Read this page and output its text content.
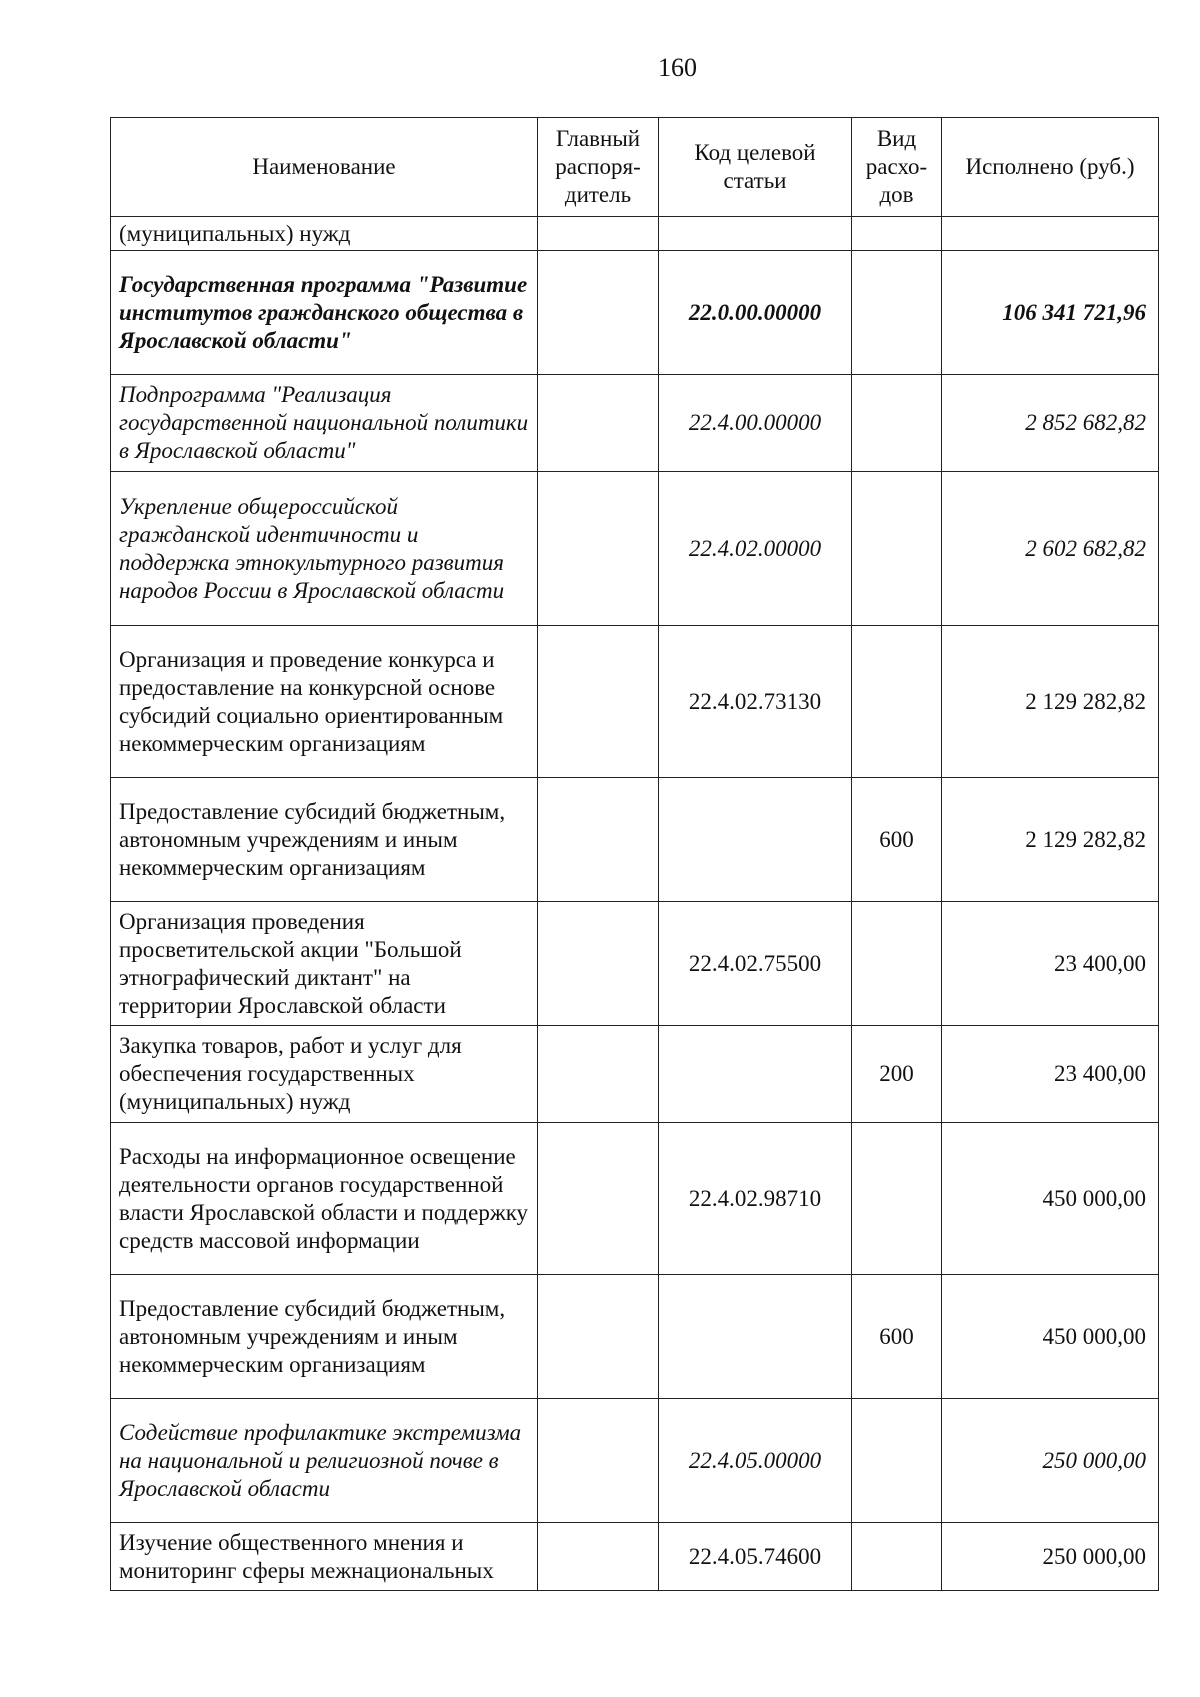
160
Наименование	Главный распоря-дитель	Код целевой статьи	Вид расхо-дов	Исполнено (руб.)
(муниципальных) нужд				
Государственная программа "Развитие институтов гражданского общества в Ярославской области"		22.0.00.00000		106 341 721,96
Подпрограмма "Реализация государственной национальной политики в Ярославской области"		22.4.00.00000		2 852 682,82
Укрепление общероссийской гражданской идентичности и поддержка этнокультурного развития народов России в Ярославской области		22.4.02.00000		2 602 682,82
Организация и проведение конкурса и предоставление на конкурсной основе субсидий социально ориентированным некоммерческим организациям		22.4.02.73130		2 129 282,82
Предоставление субсидий бюджетным, автономным учреждениям и иным некоммерческим организациям			600	2 129 282,82
Организация проведения просветительской акции "Большой этнографический диктант" на территории Ярославской области		22.4.02.75500		23 400,00
Закупка товаров, работ и услуг для обеспечения государственных (муниципальных) нужд			200	23 400,00
Расходы на информационное освещение деятельности органов государственной власти Ярославской области и поддержку средств массовой информации		22.4.02.98710		450 000,00
Предоставление субсидий бюджетным, автономным учреждениям и иным некоммерческим организациям			600	450 000,00
Содействие профилактике экстремизма на национальной и религиозной почве в Ярославской области		22.4.05.00000		250 000,00
Изучение общественного мнения и мониторинг сферы межнациональных		22.4.05.74600		250 000,00
